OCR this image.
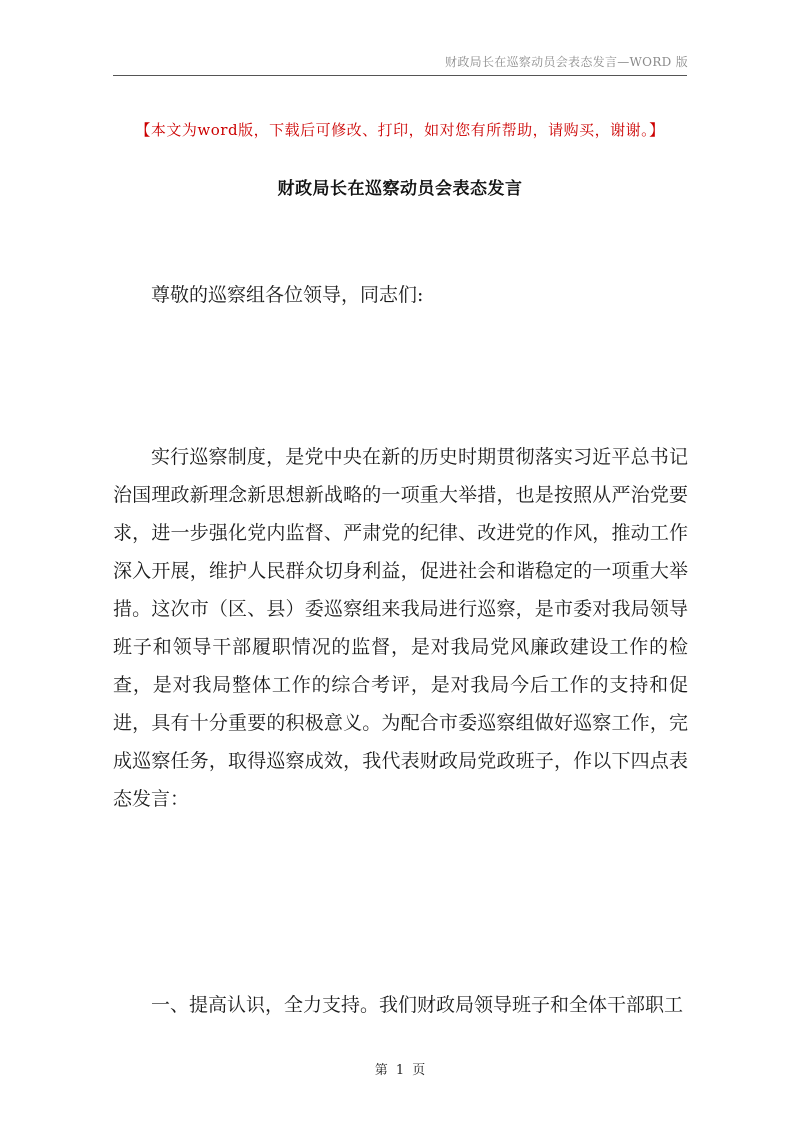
财政局长在巡察动员会表态发言—WORD 版
【本文为word版，下载后可修改、打印，如对您有所帮助，请购买，谢谢。】
财政局长在巡察动员会表态发言

尊敬的巡察组各位领导，同志们:

实行巡察制度，是党中央在新的历史时期贯彻落实习近平总书记治国理政新理念新思想新战略的一项重大举措，也是按照从严治党要求，进一步强化党内监督、严肃党的纪律、改进党的作风，推动工作深入开展，维护人民群众切身利益，促进社会和谐稳定的一项重大举措。这次市（区、县）委巡察组来我局进行巡察，是市委对我局领导班子和领导干部履职情况的监督，是对我局党风廉政建设工作的检查，是对我局整体工作的综合考评，是对我局今后工作的支持和促进，具有十分重要的积极意义。为配合市委巡察组做好巡察工作，完成巡察任务，取得巡察成效，我代表财政局党政班子，作以下四点表态发言：

一、提高认识，全力支持。我们财政局领导班子和全体干部职工

第 1 页
